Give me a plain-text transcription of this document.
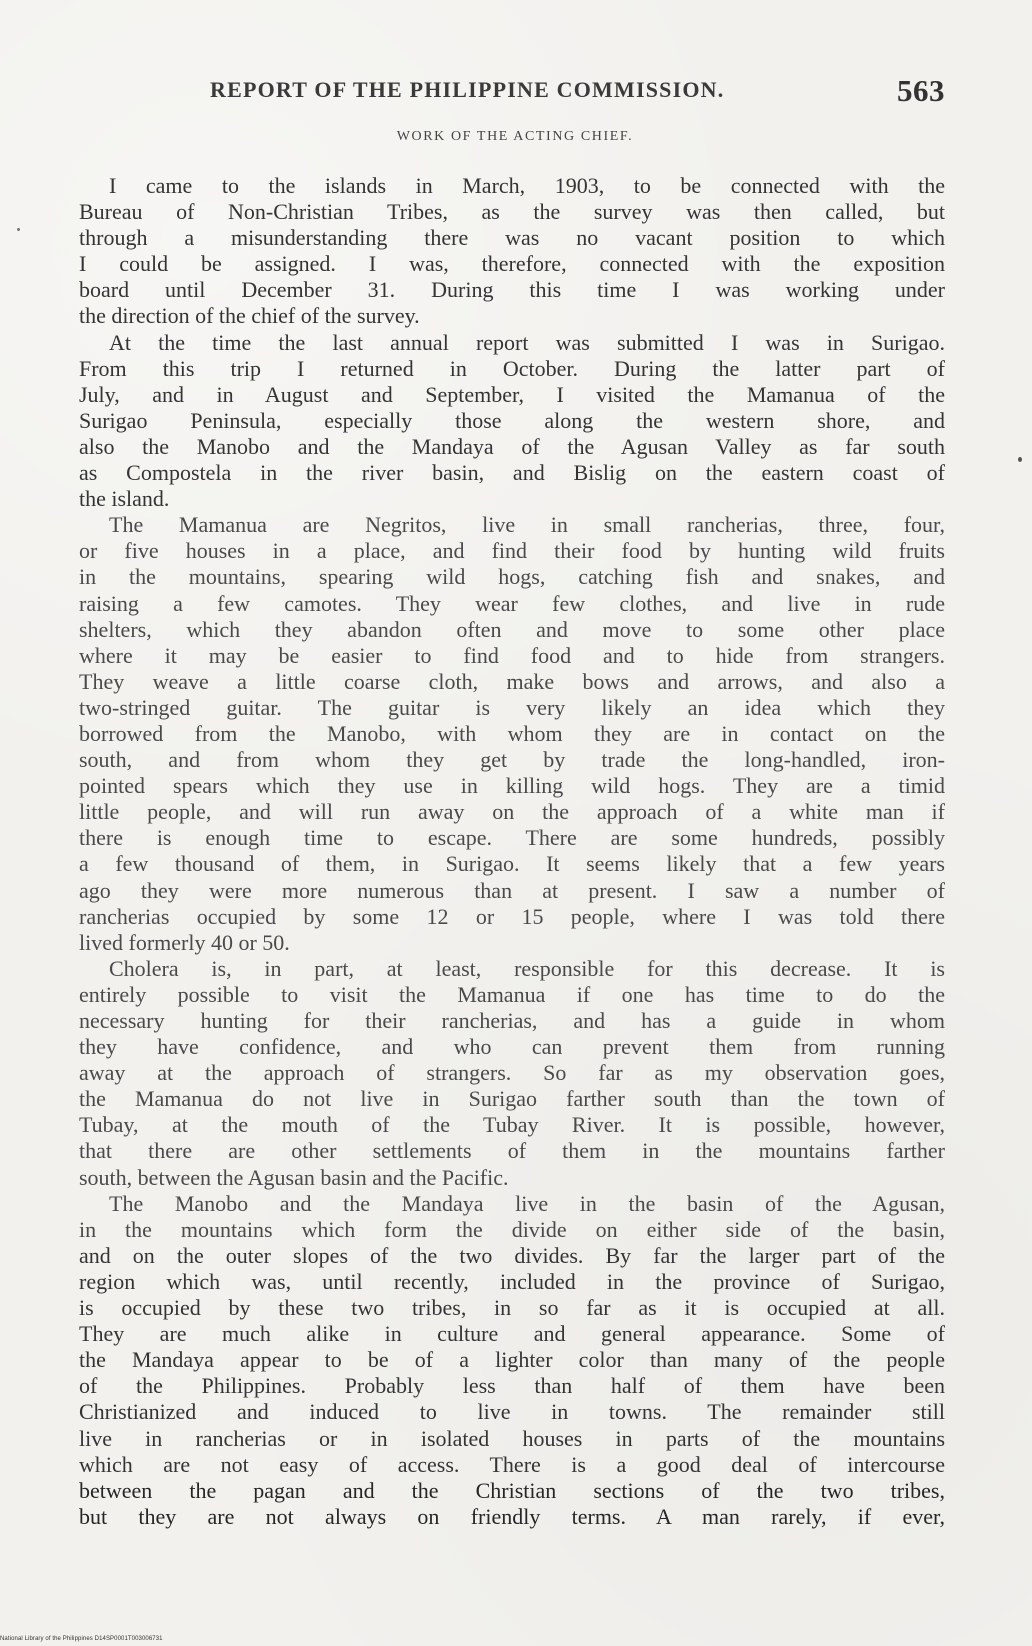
REPORT OF THE PHILIPPINE COMMISSION.	563
WORK OF THE ACTING CHIEF.
I came to the islands in March, 1903, to be connected with the
Bureau of Non-Christian Tribes, as the survey was then called, but
through a misunderstanding there was no vacant position to which
I could be assigned. I was, therefore, connected with the exposition
board until December 31. During this time I was working under
the direction of the chief of the survey.
At the time the last annual report was submitted I was in Surigao.
From this trip I returned in October. During the latter part of
July, and in August and September, I visited the Mamanua of the
Surigao Peninsula, especially those along the western shore, and
also the Manobo and the Mandaya of the Agusan Valley as far south
as Compostela in the river basin, and Bislig on the eastern coast of
the island.
The Mamanua are Negritos, live in small rancherias, three, four,
or five houses in a place, and find their food by hunting wild fruits
in the mountains, spearing wild hogs, catching fish and snakes, and
raising a few camotes. They wear few clothes, and live in rude
shelters, which they abandon often and move to some other place
where it may be easier to find food and to hide from strangers.
They weave a little coarse cloth, make bows and arrows, and also a
two-stringed guitar. The guitar is very likely an idea which they
borrowed from the Manobo, with whom they are in contact on the
south, and from whom they get by trade the long-handled, iron-
pointed spears which they use in killing wild hogs. They are a timid
little people, and will run away on the approach of a white man if
there is enough time to escape. There are some hundreds, possibly
a few thousand of them, in Surigao. It seems likely that a few years
ago they were more numerous than at present. I saw a number of
rancherias occupied by some 12 or 15 people, where I was told there
lived formerly 40 or 50.
Cholera is, in part, at least, responsible for this decrease. It is
entirely possible to visit the Mamanua if one has time to do the
necessary hunting for their rancherias, and has a guide in whom
they have confidence, and who can prevent them from running
away at the approach of strangers. So far as my observation goes,
the Mamanua do not live in Surigao farther south than the town of
Tubay, at the mouth of the Tubay River. It is possible, however,
that there are other settlements of them in the mountains farther
south, between the Agusan basin and the Pacific.
The Manobo and the Mandaya live in the basin of the Agusan,
in the mountains which form the divide on either side of the basin,
and on the outer slopes of the two divides. By far the larger part of the
region which was, until recently, included in the province of Surigao,
is occupied by these two tribes, in so far as it is occupied at all.
They are much alike in culture and general appearance. Some of
the Mandaya appear to be of a lighter color than many of the people
of the Philippines. Probably less than half of them have been
Christianized and induced to live in towns. The remainder still
live in rancherias or in isolated houses in parts of the mountains
which are not easy of access. There is a good deal of intercourse
between the pagan and the Christian sections of the two tribes,
but they are not always on friendly terms. A man rarely, if ever,
National Library of the Philippines D14SP0001T003006731
